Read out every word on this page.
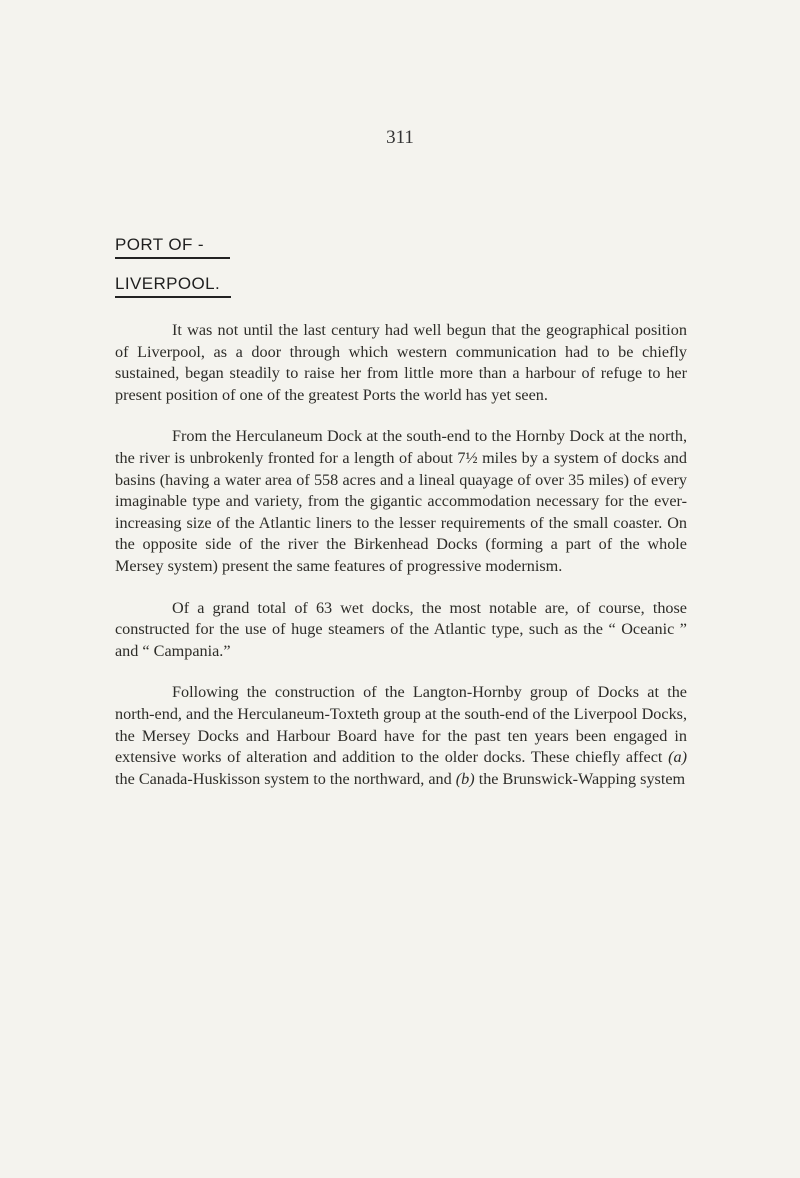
311
PORT OF -
LIVERPOOL.

It was not until the last century had well begun that the geographical position of Liverpool, as a door through which western communication had to be chiefly sustained, began steadily to raise her from little more than a harbour of refuge to her present position of one of the greatest Ports the world has yet seen.

From the Herculaneum Dock at the south-end to the Hornby Dock at the north, the river is unbrokenly fronted for a length of about 7½ miles by a system of docks and basins (having a water area of 558 acres and a lineal quayage of over 35 miles) of every imaginable type and variety, from the gigantic accommodation necessary for the ever-increasing size of the Atlantic liners to the lesser requirements of the small coaster. On the opposite side of the river the Birkenhead Docks (forming a part of the whole Mersey system) present the same features of progressive modernism.

Of a grand total of 63 wet docks, the most notable are, of course, those constructed for the use of huge steamers of the Atlantic type, such as the “ Oceanic ” and “ Campania.”

Following the construction of the Langton-Hornby group of Docks at the north-end, and the Herculaneum-Toxteth group at the south-end of the Liverpool Docks, the Mersey Docks and Harbour Board have for the past ten years been engaged in extensive works of alteration and addition to the older docks. These chiefly affect (a) the Canada-Huskisson system to the northward, and (b) the Brunswick-Wapping system
